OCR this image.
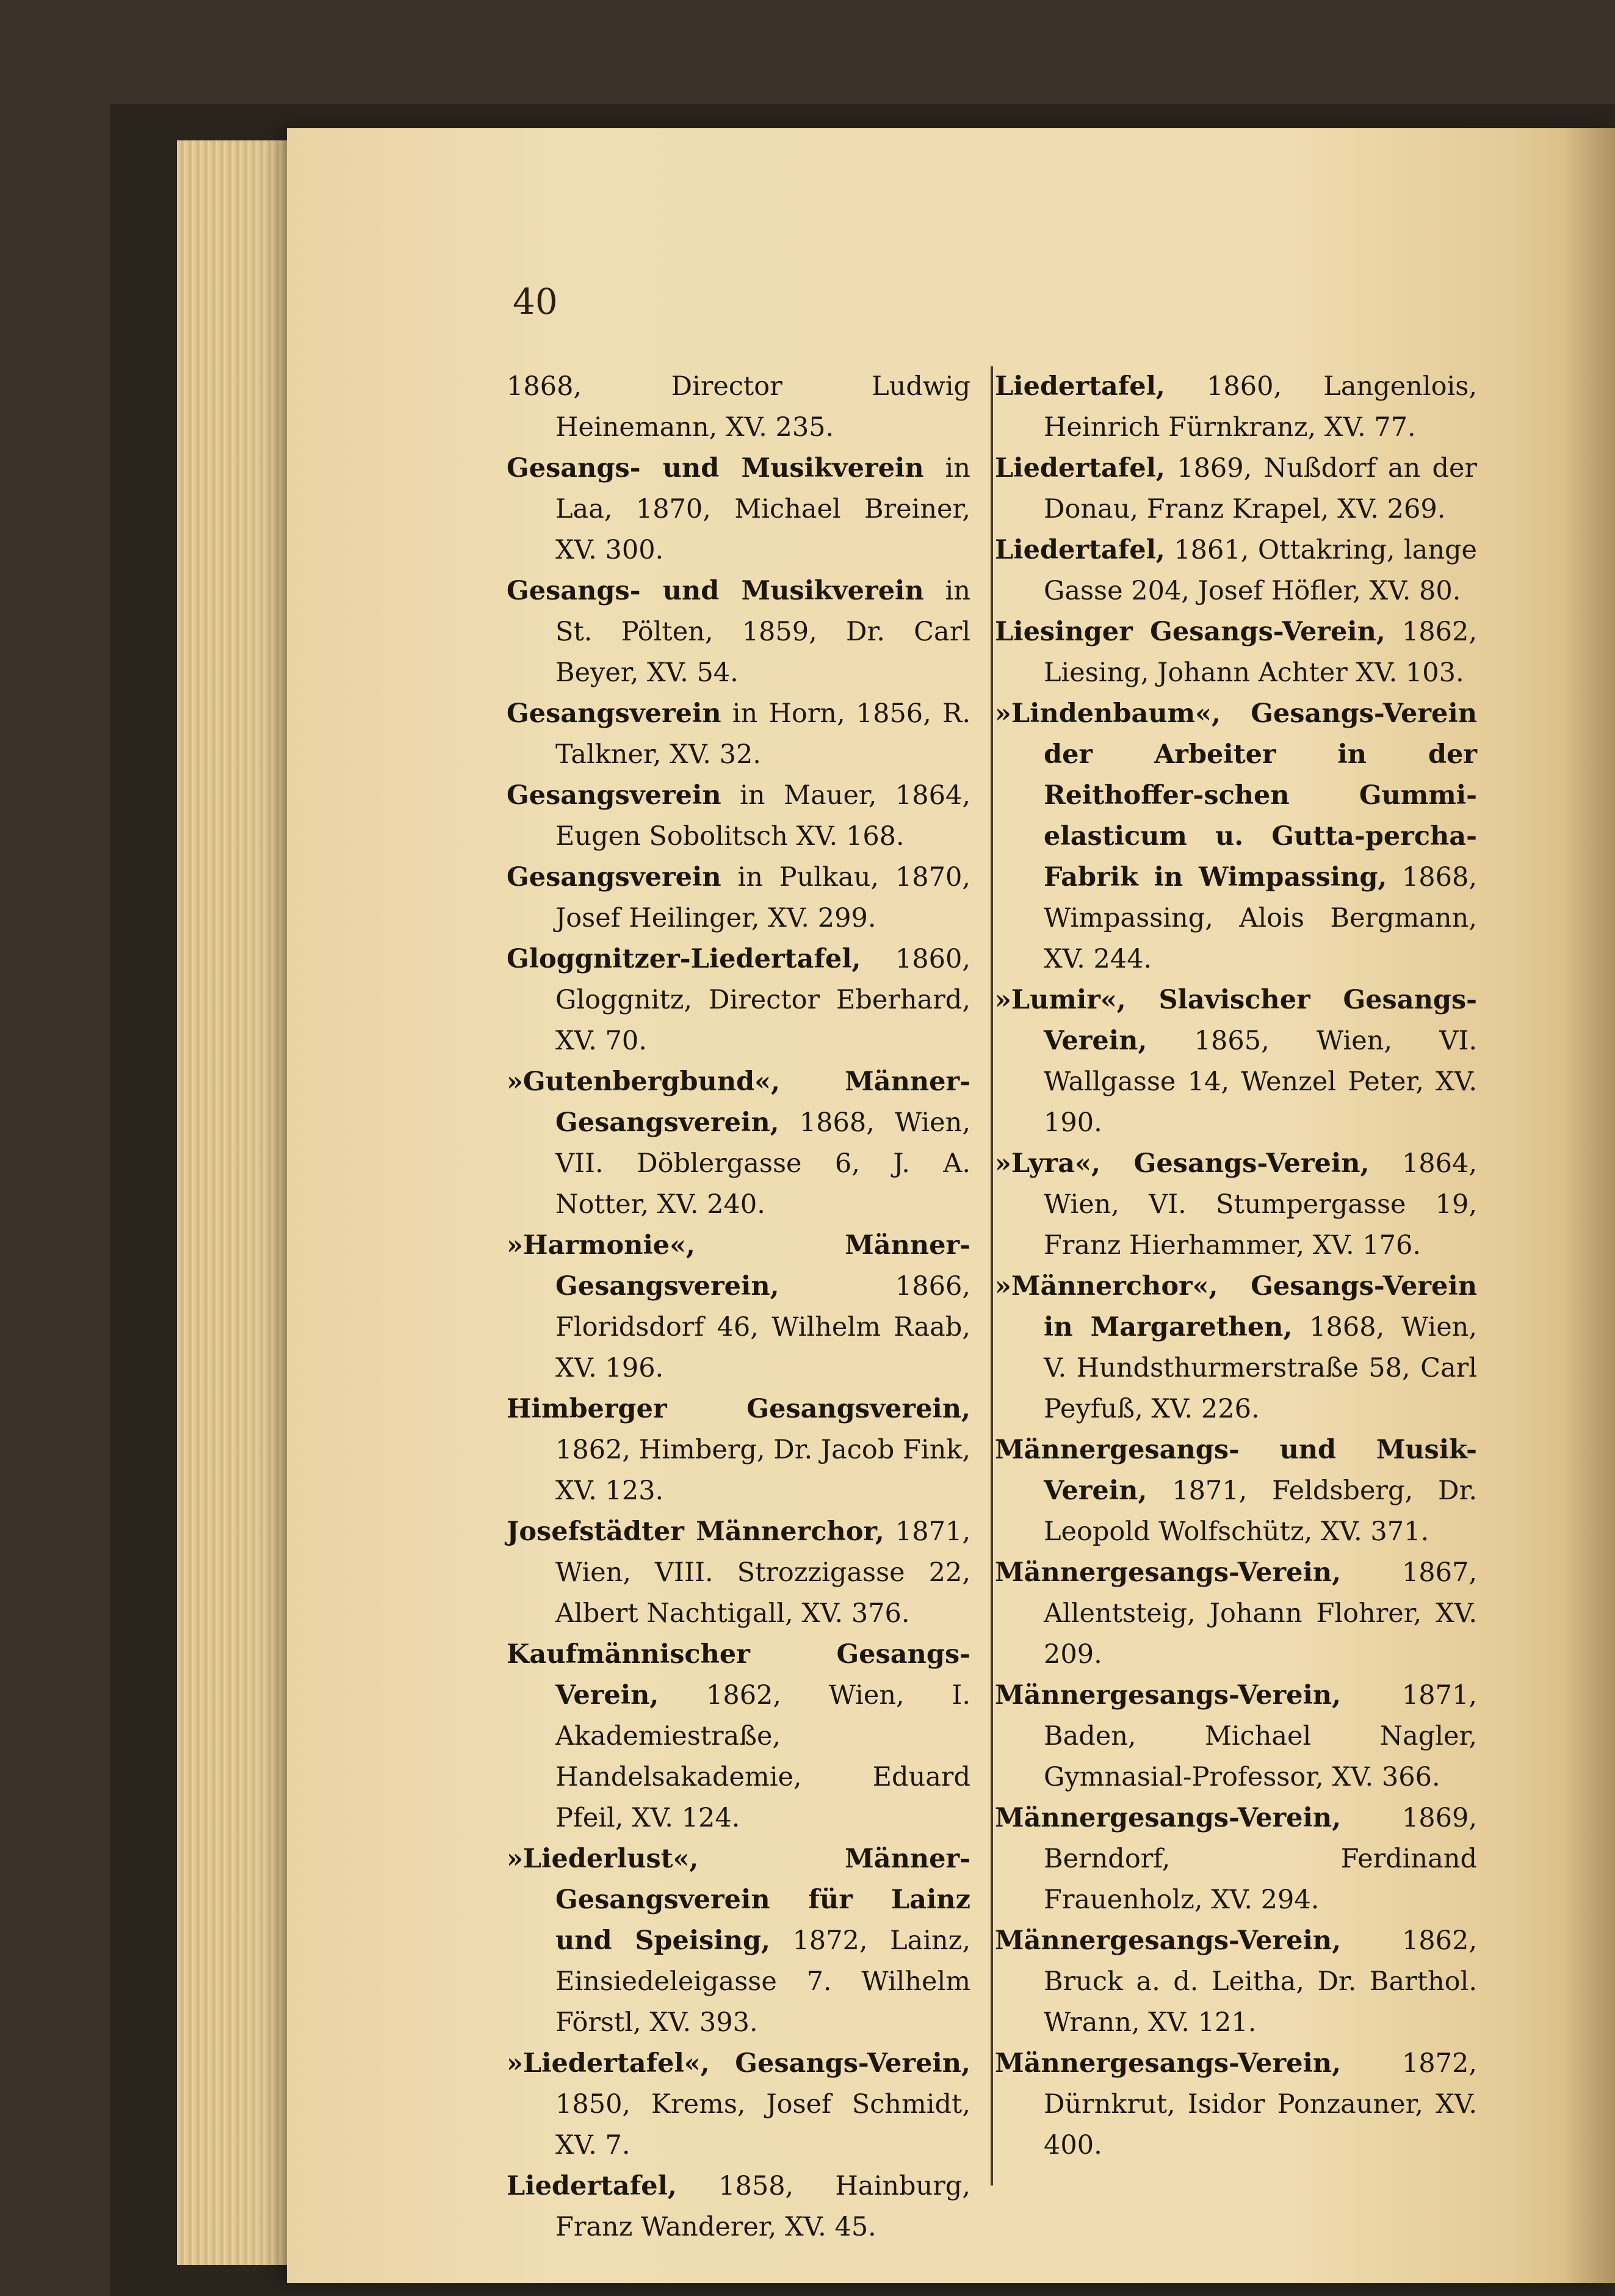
40

1868, Director Ludwig Heinemann, XV. 235.

Gesangs- und Musikverein in Laa, 1870, Michael Breiner, XV. 300.

Gesangs- und Musikverein in St. Pölten, 1859, Dr. Carl Beyer, XV. 54.

Gesangsverein in Horn, 1856, R. Talkner, XV. 32.

Gesangsverein in Mauer, 1864, Eugen Sobolitsch XV. 168.

Gesangsverein in Pulkau, 1870, Josef Heilinger, XV. 299.

Gloggnitzer-Liedertafel, 1860, Gloggnitz, Director Eberhard, XV. 70.

»Gutenbergbund«, Männer-Gesangsverein, 1868, Wien, VII. Döblergasse 6, J. A. Notter, XV. 240.

»Harmonie«, Männer-Gesangsverein, 1866, Floridsdorf 46, Wilhelm Raab, XV. 196.

Himberger Gesangsverein, 1862, Himberg, Dr. Jacob Fink, XV. 123.

Josefstädter Männerchor, 1871, Wien, VIII. Strozzigasse 22, Albert Nachtigall, XV. 376.

Kaufmännischer Gesangs-Verein, 1862, Wien, I. Akademiestraße, Handelsakademie, Eduard Pfeil, XV. 124.

»Liederlust«, Männer-Gesangsverein für Lainz und Speising, 1872, Lainz, Einsiedeleigasse 7. Wilhelm Förstl, XV. 393.

»Liedertafel«, Gesangs-Verein, 1850, Krems, Josef Schmidt, XV. 7.

Liedertafel, 1858, Hainburg, Franz Wanderer, XV. 45.

Liedertafel, 1860, Langenlois, Heinrich Fürnkranz, XV. 77.

Liedertafel, 1869, Nußdorf an der Donau, Franz Krapel, XV. 269.

Liedertafel, 1861, Ottakring, lange Gasse 204, Josef Höfler, XV. 80.

Liesinger Gesangs-Verein, 1862, Liesing, Johann Achter XV. 103.

»Lindenbaum«, Gesangs-Verein der Arbeiter in der Reithoffer-schen Gummi-elasticum u. Gutta-percha-Fabrik in Wimpassing, 1868, Wimpassing, Alois Bergmann, XV. 244.

»Lumir«, Slavischer Gesangs-Verein, 1865, Wien, VI. Wallgasse 14, Wenzel Peter, XV. 190.

»Lyra«, Gesangs-Verein, 1864, Wien, VI. Stumpergasse 19, Franz Hierhammer, XV. 176.

»Männerchor«, Gesangs-Verein in Margarethen, 1868, Wien, V. Hundsthurmerstraße 58, Carl Peyfuß, XV. 226.

Männergesangs- und Musik-Verein, 1871, Feldsberg, Dr. Leopold Wolfschütz, XV. 371.

Männergesangs-Verein, 1867, Allentsteig, Johann Flohrer, XV. 209.

Männergesangs-Verein, 1871, Baden, Michael Nagler, Gymnasial-Professor, XV. 366.

Männergesangs-Verein, 1869, Berndorf, Ferdinand Frauenholz, XV. 294.

Männergesangs-Verein, 1862, Bruck a. d. Leitha, Dr. Barthol. Wrann, XV. 121.

Männergesangs-Verein, 1872, Dürnkrut, Isidor Ponzauner, XV. 400.
